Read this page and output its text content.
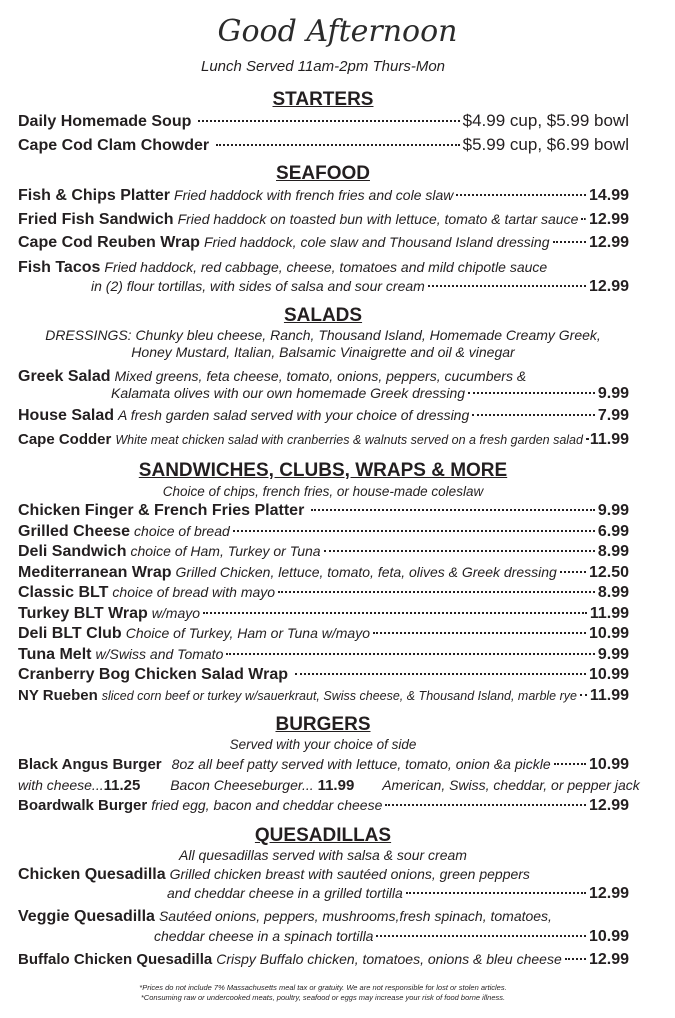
Good Afternoon
Lunch Served 11am-2pm Thurs-Mon
STARTERS
Daily Homemade Soup	$4.99 cup, $5.99 bowl
Cape Cod Clam Chowder	$5.99 cup, $6.99 bowl
SEAFOOD
Fish & Chips Platter Fried haddock with french fries and cole slaw	14.99
Fried Fish Sandwich Fried haddock on toasted bun with lettuce, tomato & tartar sauce 12.99
Cape Cod Reuben Wrap Fried haddock, cole slaw and Thousand Island dressing 12.99
Fish Tacos Fried haddock, red cabbage, cheese, tomatoes and mild chipotle sauce
in (2) flour tortillas, with sides of salsa and sour cream	12.99
SALADS
DRESSINGS: Chunky bleu cheese, Ranch, Thousand Island, Homemade Creamy Greek,
Honey Mustard, Italian, Balsamic Vinaigrette and oil & vinegar
Greek Salad Mixed greens, feta cheese, tomato, onions, peppers, cucumbers &
Kalamata olives with our own homemade Greek dressing	9.99
House Salad A fresh garden salad served with your choice of dressing	7.99
Cape Codder White meat chicken salad with cranberries & walnuts served on a fresh garden salad 11.99
SANDWICHES, CLUBS, WRAPS & MORE
Choice of chips, french fries, or house-made coleslaw
Chicken Finger & French Fries Platter	9.99
Grilled Cheese choice of bread	6.99
Deli Sandwich choice of Ham, Turkey or Tuna	8.99
Mediterranean Wrap Grilled Chicken, lettuce, tomato, feta, olives & Greek dressing 12.50
Classic BLT choice of bread with mayo	8.99
Turkey BLT Wrap w/mayo	11.99
Deli BLT Club Choice of Turkey, Ham or Tuna w/mayo	10.99
Tuna Melt w/Swiss and Tomato	9.99
Cranberry Bog Chicken Salad Wrap	10.99
NY Rueben sliced corn beef or turkey w/sauerkraut, Swiss cheese, & Thousand Island, marble rye 11.99
BURGERS
Served with your choice of side
Black Angus Burger 8oz all beef patty served with lettuce, tomato, onion &a pickle 10.99
with cheese...11.25 Bacon Cheeseburger... 11.99 American, Swiss, cheddar, or pepper jack
Boardwalk Burger fried egg, bacon and cheddar cheese	12.99
QUESADILLAS
All quesadillas served with salsa & sour cream
Chicken Quesadilla Grilled chicken breast with sautéed onions, green peppers
and cheddar cheese in a grilled tortilla	12.99
Veggie Quesadilla Sautéed onions, peppers, mushrooms,fresh spinach, tomatoes,
cheddar cheese in a spinach tortilla	10.99
Buffalo Chicken Quesadilla Crispy Buffalo chicken, tomatoes, onions & bleu cheese 12.99
*Prices do not include 7% Massachusetts meal tax or gratuity. We are not responsible for lost or stolen articles.
*Consuming raw or undercooked meats, poultry, seafood or eggs may increase your risk of food borne illness.
